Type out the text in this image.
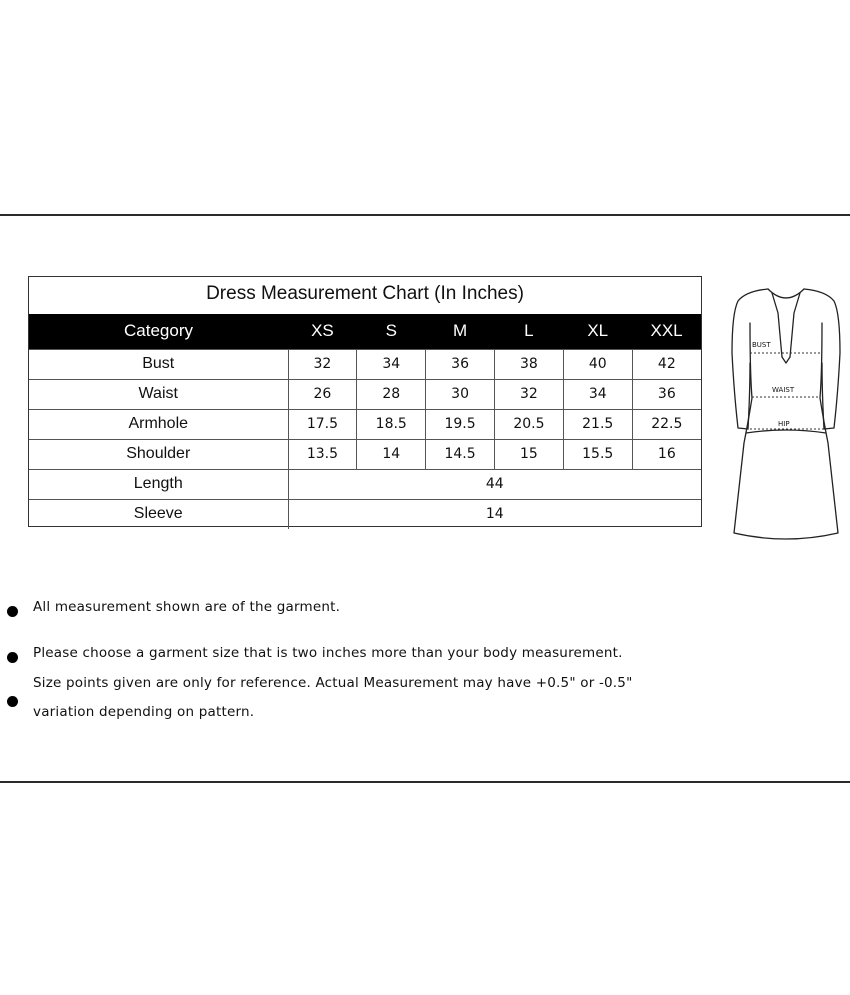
Dress Measurement Chart (In Inches)
Category	XS	S	M	L	XL	XXL
Bust	32	34	36	38	40	42
Waist	26	28	30	32	34	36
Armhole	17.5	18.5	19.5	20.5	21.5	22.5
Shoulder	13.5	14	14.5	15	15.5	16
Length	44					
Sleeve	14					
BUST
WAIST
HIP
All measurement shown are of the garment.
Please choose a garment size that is two inches more than your body measurement.
Size points given are only for reference. Actual Measurement may have +0.5" or -0.5"
variation depending on pattern.
